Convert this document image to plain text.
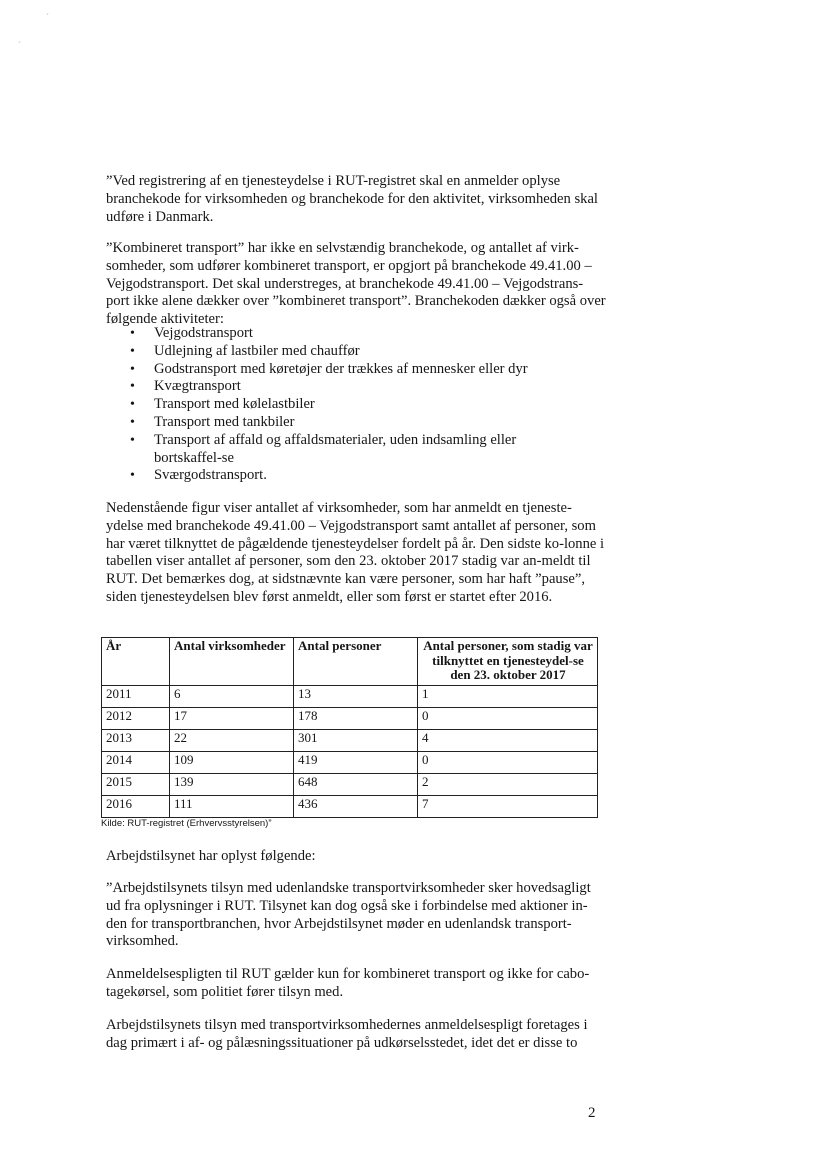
´
´

”Ved registrering af en tjenesteydelse i RUT-registret skal en anmelder oplyse branchekode for virksomheden og branchekode for den aktivitet, virksomheden skal udføre i Danmark.

”Kombineret transport” har ikke en selvstændig branchekode, og antallet af virk-somheder, som udfører kombineret transport, er opgjort på branchekode 49.41.00 – Vejgodstransport. Det skal understreges, at branchekode 49.41.00 – Vejgodstrans-port ikke alene dækker over ”kombineret transport”. Branchekoden dækker også over følgende aktiviteter:

• Vejgodstransport
• Udlejning af lastbiler med chauffør
• Godstransport med køretøjer der trækkes af mennesker eller dyr
• Kvægtransport
• Transport med kølelastbiler
• Transport med tankbiler
• Transport af affald og affaldsmaterialer, uden indsamling eller bortskaffel-se
• Sværgodstransport.

Nedenstående figur viser antallet af virksomheder, som har anmeldt en tjeneste-ydelse med branchekode 49.41.00 – Vejgodstransport samt antallet af personer, som har været tilknyttet de pågældende tjenesteydelser fordelt på år. Den sidste ko-lonne i tabellen viser antallet af personer, som den 23. oktober 2017 stadig var an-meldt til RUT. Det bemærkes dog, at sidstnævnte kan være personer, som har haft ”pause”, siden tjenesteydelsen blev først anmeldt, eller som først er startet efter 2016.

År	Antal virksomheder	Antal personer	Antal personer, som stadig var tilknyttet en tjenesteydel-se den 23. oktober 2017
2011	6	13	1
2012	17	178	0
2013	22	301	4
2014	109	419	0
2015	139	648	2
2016	111	436	7
Kilde: RUT-registret (Erhvervsstyrelsen)”

Arbejdstilsynet har oplyst følgende:

”Arbejdstilsynets tilsyn med udenlandske transportvirksomheder sker hovedsagligt ud fra oplysninger i RUT. Tilsynet kan dog også ske i forbindelse med aktioner in-den for transportbranchen, hvor Arbejdstilsynet møder en udenlandsk transport-virksomhed.

Anmeldelsespligten til RUT gælder kun for kombineret transport og ikke for cabo-tagekørsel, som politiet fører tilsyn med.

Arbejdstilsynets tilsyn med transportvirksomhedernes anmeldelsespligt foretages i dag primært i af- og pålæsningssituationer på udkørselsstedet, idet det er disse to

2
